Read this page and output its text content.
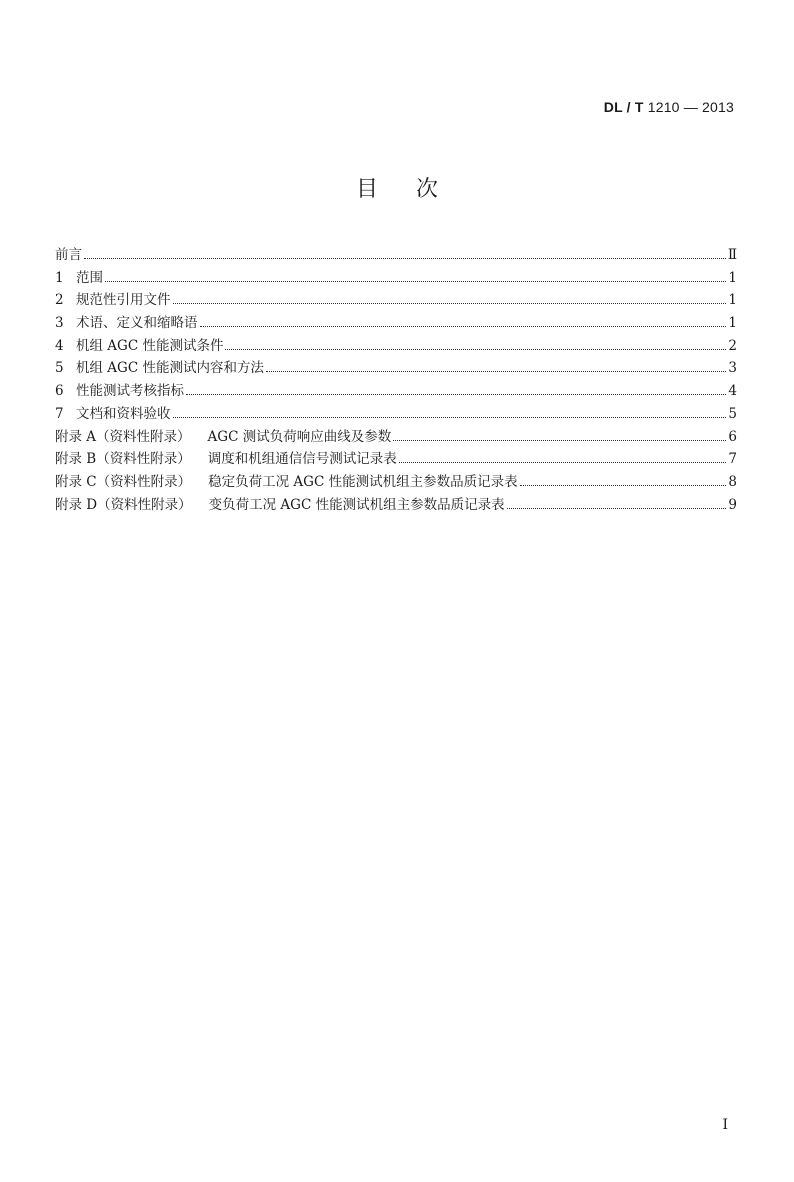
DL / T 1210 — 2013
目次
前言	Ⅱ
1 范围	1
2 规范性引用文件	1
3 术语、定义和缩略语	1
4 机组 AGC 性能测试条件	2
5 机组 AGC 性能测试内容和方法	3
6 性能测试考核指标	4
7 文档和资料验收	5
附录 A（资料性附录） AGC 测试负荷响应曲线及参数	6
附录 B（资料性附录） 调度和机组通信信号测试记录表	7
附录 C（资料性附录） 稳定负荷工况 AGC 性能测试机组主参数品质记录表	8
附录 D（资料性附录） 变负荷工况 AGC 性能测试机组主参数品质记录表	9
I
